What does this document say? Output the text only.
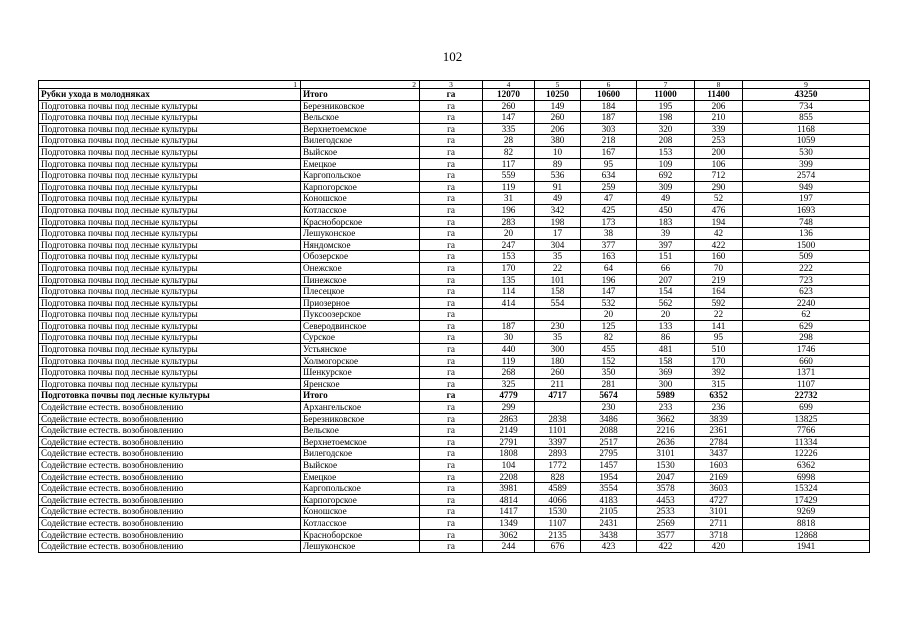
102
1	2	3	4	5	6	7	8	9
Рубки ухода в молодняках	Итого	га	12070	10250	10600	11000	11400	43250
Подготовка почвы под лесные культуры	Березниковское	га	260	149	184	195	206	734
Подготовка почвы под лесные культуры	Вельское	га	147	260	187	198	210	855
Подготовка почвы под лесные культуры	Верхнетоемское	га	335	206	303	320	339	1168
Подготовка почвы под лесные культуры	Вилегодское	га	28	380	218	208	253	1059
Подготовка почвы под лесные культуры	Выйское	га	82	10	167	153	200	530
Подготовка почвы под лесные культуры	Емецкое	га	117	89	95	109	106	399
Подготовка почвы под лесные культуры	Каргопольское	га	559	536	634	692	712	2574
Подготовка почвы под лесные культуры	Карпогорское	га	119	91	259	309	290	949
Подготовка почвы под лесные культуры	Коношское	га	31	49	47	49	52	197
Подготовка почвы под лесные культуры	Котласское	га	196	342	425	450	476	1693
Подготовка почвы под лесные культуры	Красноборское	га	283	198	173	183	194	748
Подготовка почвы под лесные культуры	Лешуконское	га	20	17	38	39	42	136
Подготовка почвы под лесные культуры	Няндомское	га	247	304	377	397	422	1500
Подготовка почвы под лесные культуры	Обозерское	га	153	35	163	151	160	509
Подготовка почвы под лесные культуры	Онежское	га	170	22	64	66	70	222
Подготовка почвы под лесные культуры	Пинежское	га	135	101	196	207	219	723
Подготовка почвы под лесные культуры	Плесецкое	га	114	158	147	154	164	623
Подготовка почвы под лесные культуры	Приозерное	га	414	554	532	562	592	2240
Подготовка почвы под лесные культуры	Пуксоозерское	га			20	20	22	62
Подготовка почвы под лесные культуры	Северодвинское	га	187	230	125	133	141	629
Подготовка почвы под лесные культуры	Сурское	га	30	35	82	86	95	298
Подготовка почвы под лесные культуры	Устьянское	га	440	300	455	481	510	1746
Подготовка почвы под лесные культуры	Холмогорское	га	119	180	152	158	170	660
Подготовка почвы под лесные культуры	Шенкурское	га	268	260	350	369	392	1371
Подготовка почвы под лесные культуры	Яренское	га	325	211	281	300	315	1107
Подготовка почвы под лесные культуры	Итого	га	4779	4717	5674	5989	6352	22732
Содействие естеств. возобновлению	Архангельское	га	299		230	233	236	699
Содействие естеств. возобновлению	Березниковское	га	2863	2838	3486	3662	3839	13825
Содействие естеств. возобновлению	Вельское	га	2149	1101	2088	2216	2361	7766
Содействие естеств. возобновлению	Верхнетоемское	га	2791	3397	2517	2636	2784	11334
Содействие естеств. возобновлению	Вилегодское	га	1808	2893	2795	3101	3437	12226
Содействие естеств. возобновлению	Выйское	га	104	1772	1457	1530	1603	6362
Содействие естеств. возобновлению	Емецкое	га	2208	828	1954	2047	2169	6998
Содействие естеств. возобновлению	Каргопольское	га	3981	4589	3554	3578	3603	15324
Содействие естеств. возобновлению	Карпогорское	га	4814	4066	4183	4453	4727	17429
Содействие естеств. возобновлению	Коношское	га	1417	1530	2105	2533	3101	9269
Содействие естеств. возобновлению	Котласское	га	1349	1107	2431	2569	2711	8818
Содействие естеств. возобновлению	Красноборское	га	3062	2135	3438	3577	3718	12868
Содействие естеств. возобновлению	Лешуконское	га	244	676	423	422	420	1941
